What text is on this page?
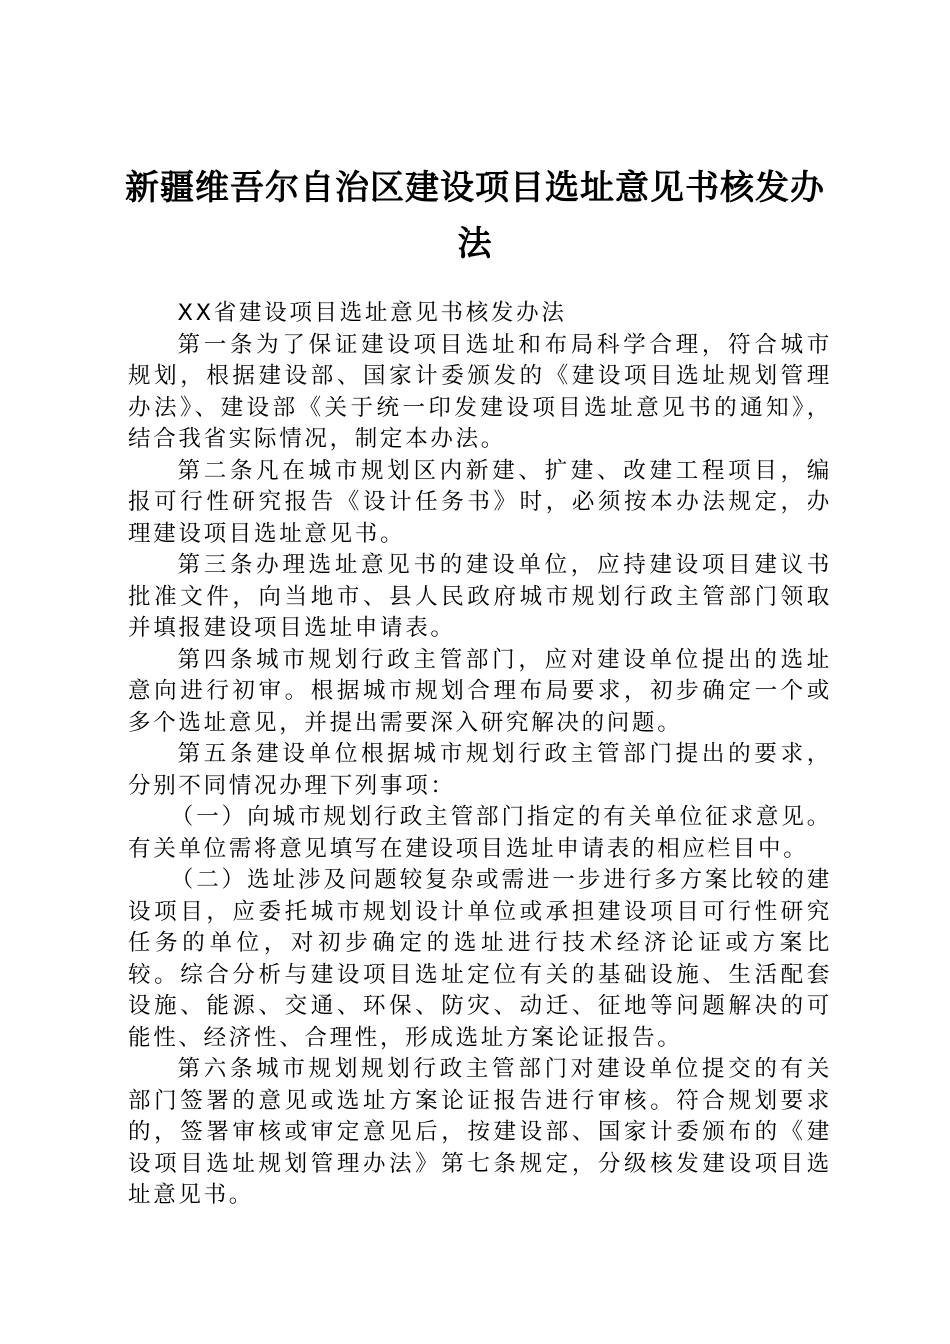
新疆维吾尔自治区建设项目选址意见书核发办法

XX省建设项目选址意见书核发办法

第一条为了保证建设项目选址和布局科学合理，符合城市规划，根据建设部、国家计委颁发的《建设项目选址规划管理办法》、建设部《关于统一印发建设项目选址意见书的通知》，结合我省实际情况，制定本办法。

第二条凡在城市规划区内新建、扩建、改建工程项目，编报可行性研究报告《设计任务书》时，必须按本办法规定，办理建设项目选址意见书。

第三条办理选址意见书的建设单位，应持建设项目建议书批准文件，向当地市、县人民政府城市规划行政主管部门领取并填报建设项目选址申请表。

第四条城市规划行政主管部门，应对建设单位提出的选址意向进行初审。根据城市规划合理布局要求，初步确定一个或多个选址意见，并提出需要深入研究解决的问题。

第五条建设单位根据城市规划行政主管部门提出的要求，分别不同情况办理下列事项：

（一）向城市规划行政主管部门指定的有关单位征求意见。有关单位需将意见填写在建设项目选址申请表的相应栏目中。

（二）选址涉及问题较复杂或需进一步进行多方案比较的建设项目，应委托城市规划设计单位或承担建设项目可行性研究任务的单位，对初步确定的选址进行技术经济论证或方案比较。综合分析与建设项目选址定位有关的基础设施、生活配套设施、能源、交通、环保、防灾、动迁、征地等问题解决的可能性、经济性、合理性，形成选址方案论证报告。

第六条城市规划规划行政主管部门对建设单位提交的有关部门签署的意见或选址方案论证报告进行审核。符合规划要求的，签署审核或审定意见后，按建设部、国家计委颁布的《建设项目选址规划管理办法》第七条规定，分级核发建设项目选址意见书。
